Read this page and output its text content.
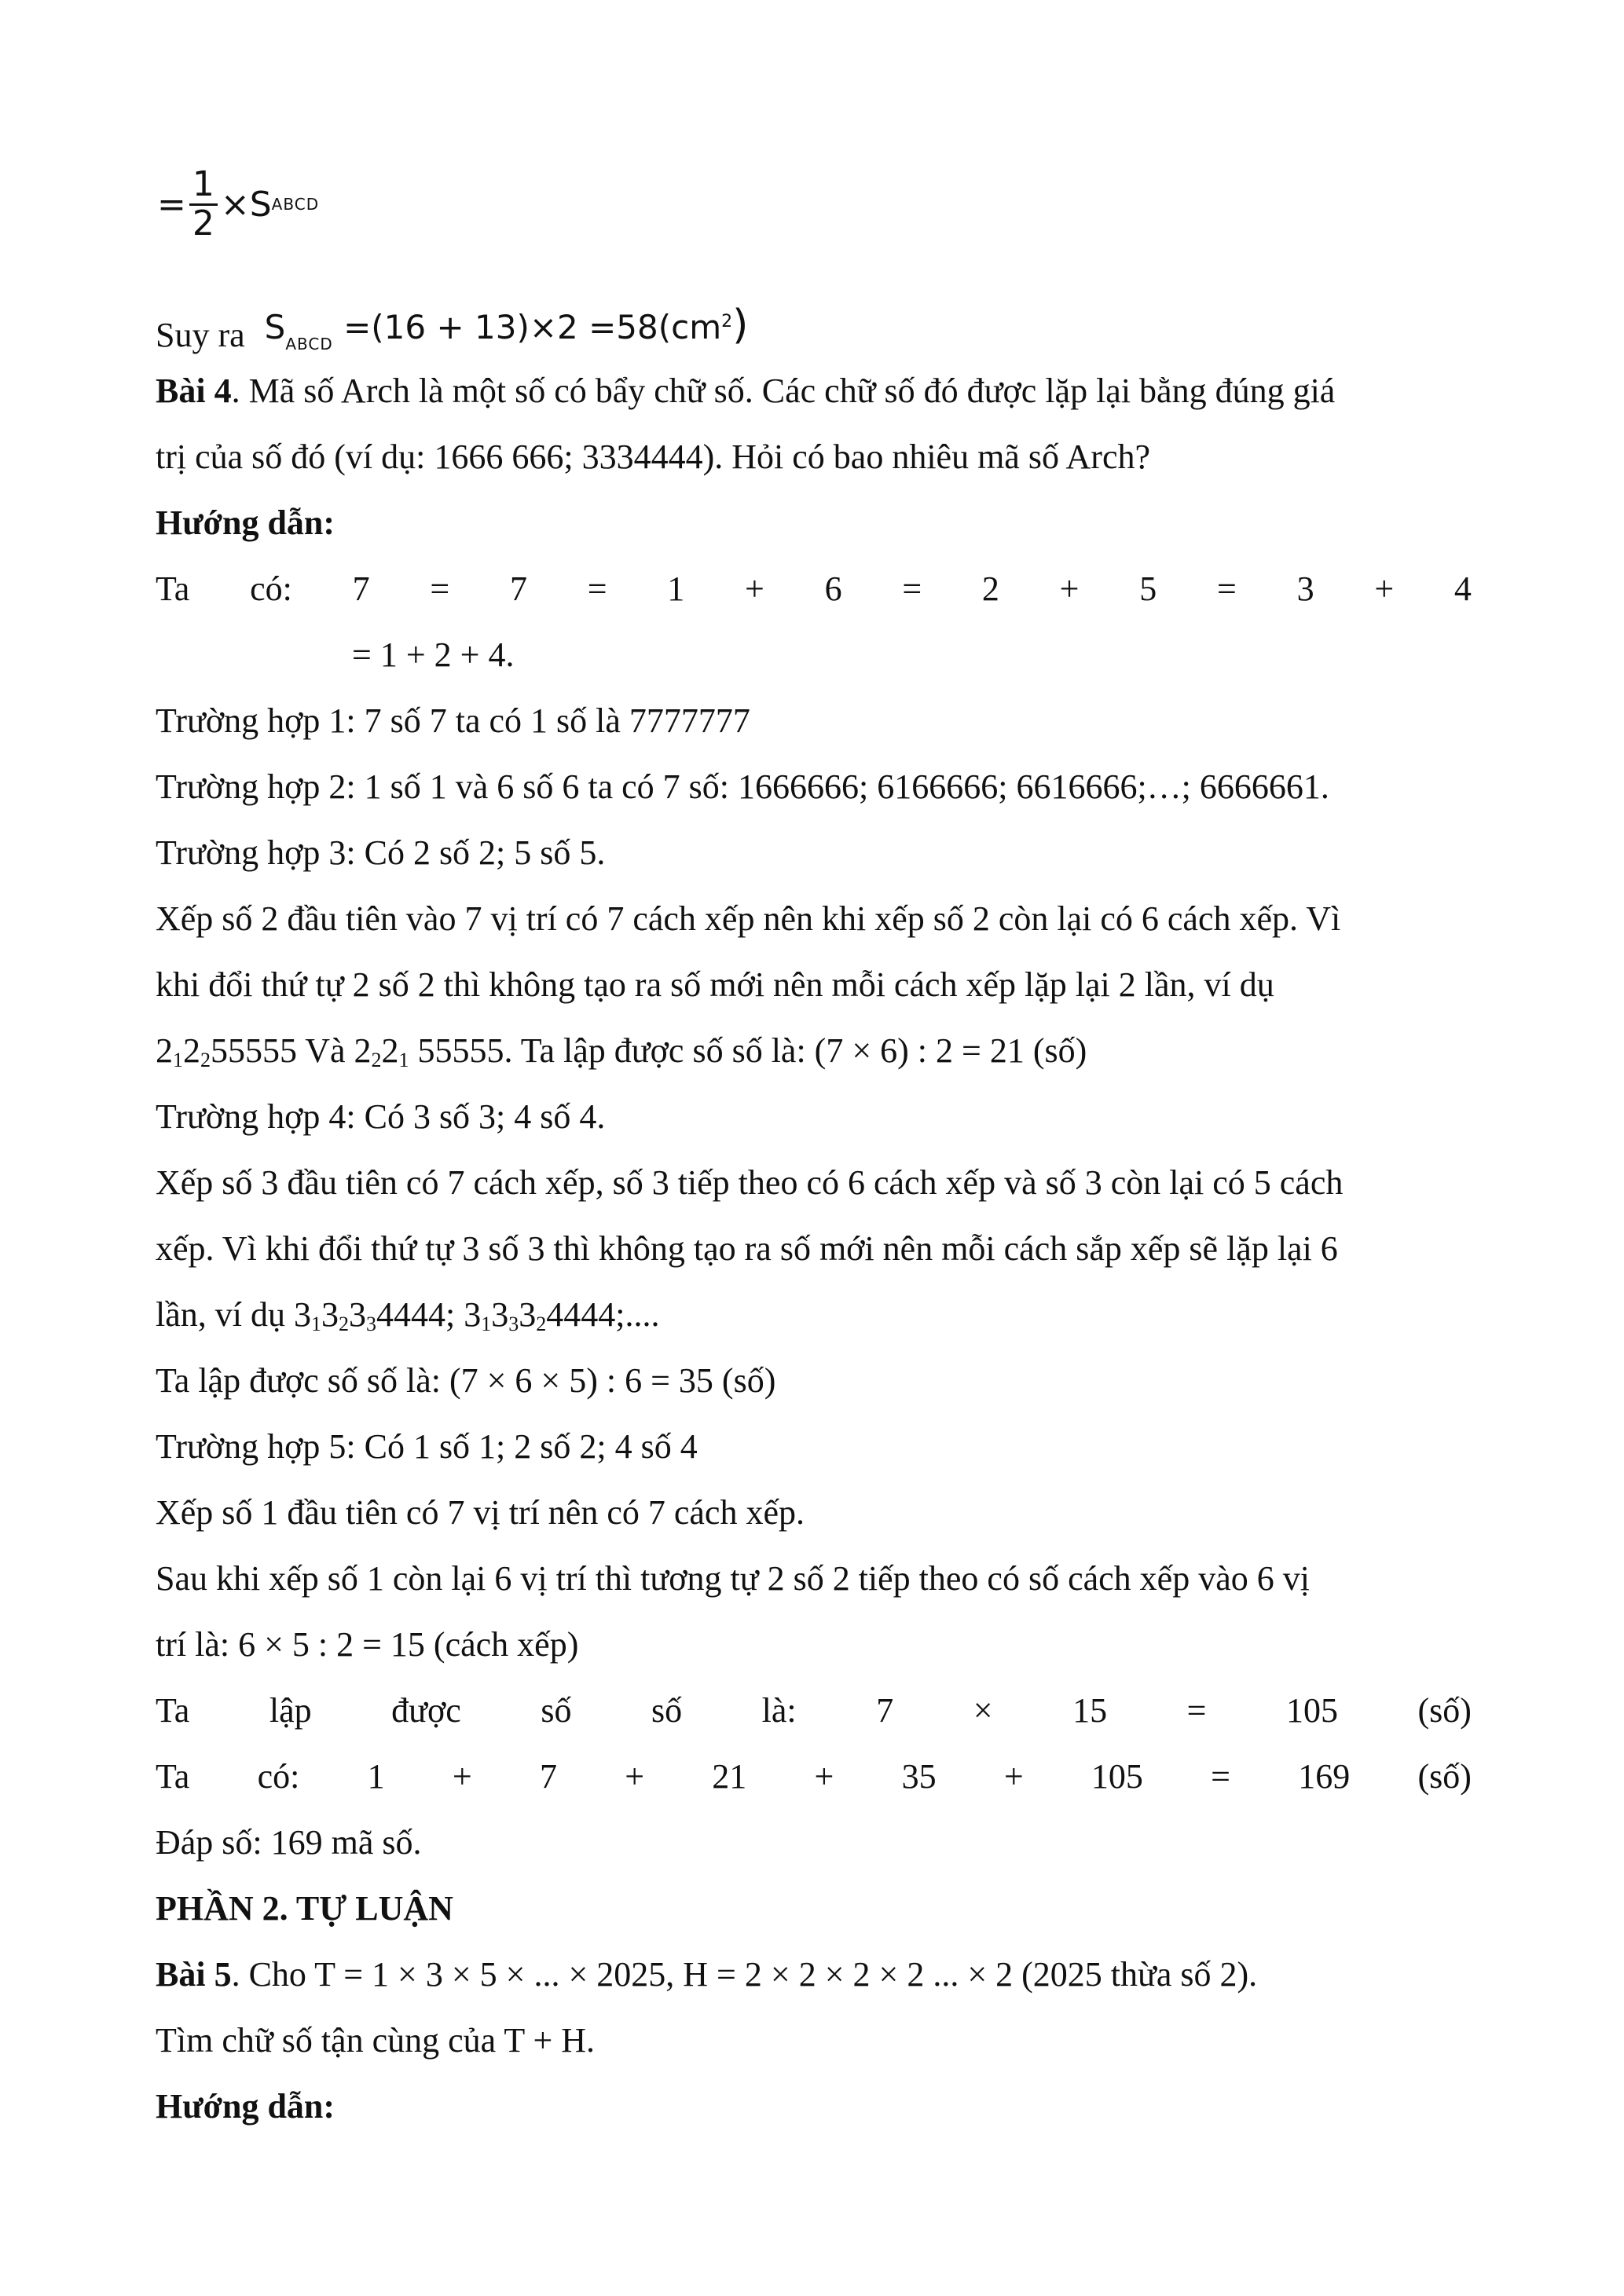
= $\frac{1}{2} \times S$ ABCD
Suy ra $S_{ABCD} =(16 + 13)\times 2 =58(cm^2)$
Bài 4. Mã số Arch là một số có bẩy chữ số. Các chữ số đó được lặp lại bằng đúng giá
trị của số đó (ví dụ: 1666 666; 3334444). Hỏi có bao nhiêu mã số Arch?
Hướng dẫn:
Ta có: 7 = 7 = 1 + 6 = 2 + 5 = 3 + 4
= 1 + 2 + 4.
Trường hợp 1: 7 số 7 ta có 1 số là 7777777
Trường hợp 2: 1 số 1 và 6 số 6 ta có 7 số: 1666666; 6166666; 6616666;…; 6666661.
Trường hợp 3: Có 2 số 2; 5 số 5.
Xếp số 2 đầu tiên vào 7 vị trí có 7 cách xếp nên khi xếp số 2 còn lại có 6 cách xếp. Vì
khi đổi thứ tự 2 số 2 thì không tạo ra số mới nên mỗi cách xếp lặp lại 2 lần, ví dụ
$2_12_255555$ Và $2_22_1$ 55555. Ta lập được số số là: (7 × 6) : 2 = 21 (số)
Trường hợp 4: Có 3 số 3; 4 số 4.
Xếp số 3 đầu tiên có 7 cách xếp, số 3 tiếp theo có 6 cách xếp và số 3 còn lại có 5 cách
xếp. Vì khi đổi thứ tự 3 số 3 thì không tạo ra số mới nên mỗi cách sắp xếp sẽ lặp lại 6
lần, ví dụ $3_13_23_34444$; $3_13_33_24444$;....
Ta lập được số số là: (7 × 6 × 5) : 6 = 35 (số)
Trường hợp 5: Có 1 số 1; 2 số 2; 4 số 4
Xếp số 1 đầu tiên có 7 vị trí nên có 7 cách xếp.
Sau khi xếp số 1 còn lại 6 vị trí thì tương tự 2 số 2 tiếp theo có số cách xếp vào 6 vị
trí là: 6 × 5 : 2 = 15 (cách xếp)
Ta lập được số số là: 7 × 15 = 105 (số)
Ta có: 1 + 7 + 21 + 35 + 105 = 169 (số)
Đáp số: 169 mã số.
PHẦN 2. TỰ LUẬN
Bài 5. Cho T = 1 × 3 × 5 × ... × 2025, H = 2 × 2 × 2 × 2 ... × 2 (2025 thừa số 2).
Tìm chữ số tận cùng của T + H.
Hướng dẫn:
